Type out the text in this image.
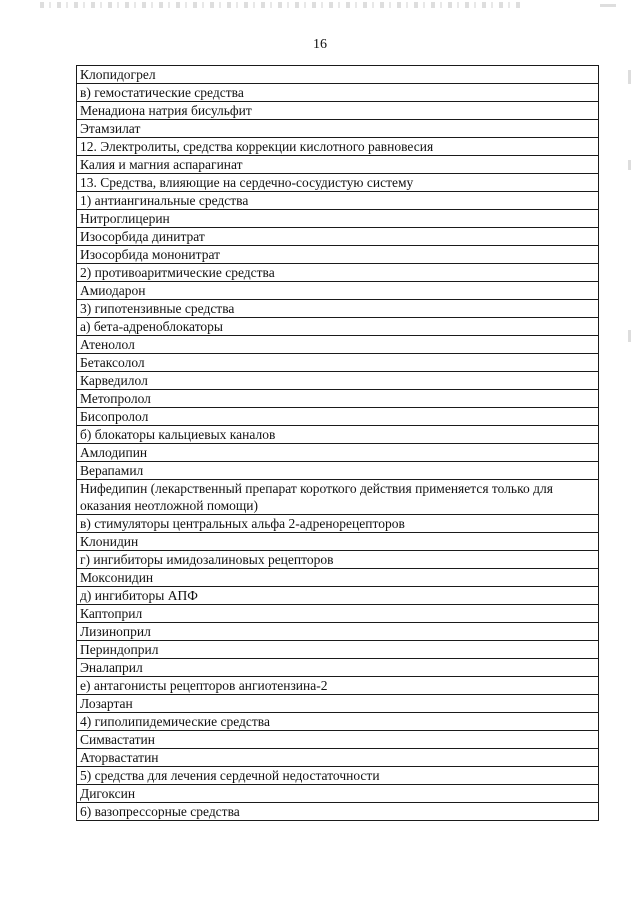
16
Клопидогрел
в) гемостатические средства
Менадиона натрия бисульфит
Этамзилат
12. Электролиты, средства коррекции кислотного равновесия
Калия и магния аспарагинат
13. Средства, влияющие на сердечно-сосудистую систему
1) антиангинальные средства
Нитроглицерин
Изосорбида динитрат
Изосорбида мононитрат
2) противоаритмические средства
Амиодарон
3) гипотензивные средства
а) бета-адреноблокаторы
Атенолол
Бетаксолол
Карведилол
Метопролол
Бисопролол
б) блокаторы кальциевых каналов
Амлодипин
Верапамил
Нифедипин (лекарственный препарат короткого действия применяется только для оказания неотложной помощи)
в) стимуляторы центральных альфа 2-адренорецепторов
Клонидин
г) ингибиторы имидозалиновых рецепторов
Моксонидин
д) ингибиторы АПФ
Каптоприл
Лизиноприл
Периндоприл
Эналаприл
е) антагонисты рецепторов ангиотензина-2
Лозартан
4) гиполипидемические средства
Симвастатин
Аторвастатин
5) средства для лечения сердечной недостаточности
Дигоксин
6) вазопрессорные средства
